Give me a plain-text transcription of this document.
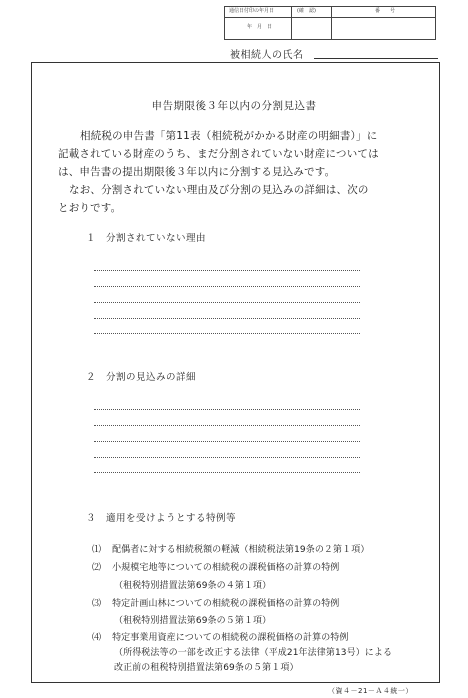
通信日付印の年月日	(確　認)	番　　号
年　月　日
被相続人の氏名
申告期限後３年以内の分割見込書
相続税の申告書「第11表（相続税がかかる財産の明細書）」に
記載されている財産のうち、まだ分割されていない財産については
は、申告書の提出期限後３年以内に分割する見込みです。
なお、分割されていない理由及び分割の見込みの詳細は、次の
とおりです。
１ 分割されていない理由
２ 分割の見込みの詳細
３ 適用を受けようとする特例等
⑴ 配偶者に対する相続税額の軽減（相続税法第19条の２第１項）
⑵ 小規模宅地等についての相続税の課税価格の計算の特例
（租税特別措置法第69条の４第１項）
⑶ 特定計画山林についての相続税の課税価格の計算の特例
（租税特別措置法第69条の５第１項）
⑷ 特定事業用資産についての相続税の課税価格の計算の特例
（所得税法等の一部を改正する法律（平成21年法律第13号）による
改正前の租税特別措置法第69条の５第１項）
（資４－21－Ａ４統一）
